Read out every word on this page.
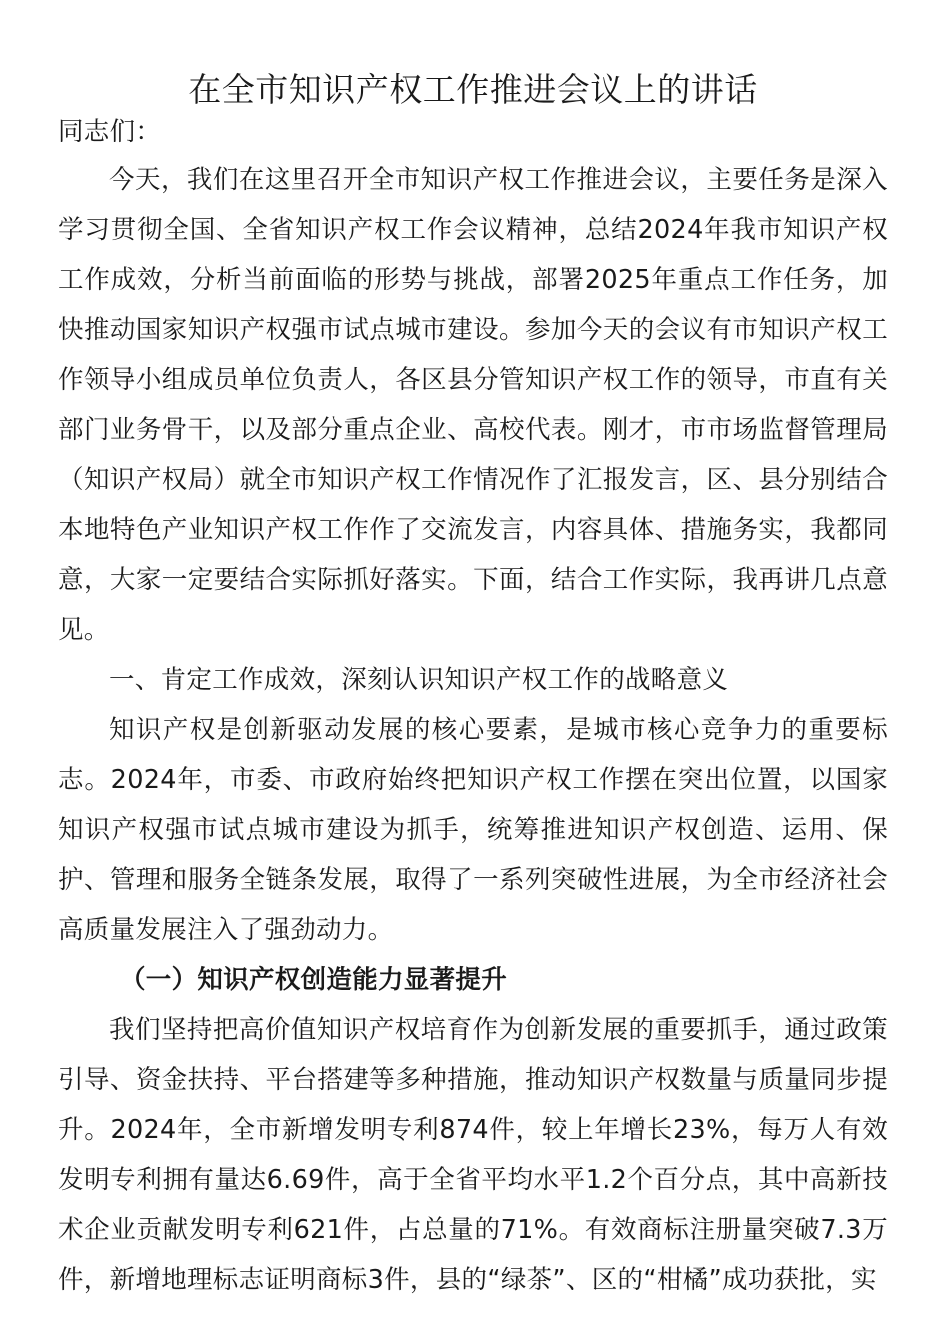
在全市知识产权工作推进会议上的讲话

同志们：

今天，我们在这里召开全市知识产权工作推进会议，主要任务是深入学习贯彻全国、全省知识产权工作会议精神，总结2024年我市知识产权工作成效，分析当前面临的形势与挑战，部署2025年重点工作任务，加快推动国家知识产权强市试点城市建设。参加今天的会议有市知识产权工作领导小组成员单位负责人，各区县分管知识产权工作的领导，市直有关部门业务骨干，以及部分重点企业、高校代表。刚才，市市场监督管理局（知识产权局）就全市知识产权工作情况作了汇报发言，区、县分别结合本地特色产业知识产权工作作了交流发言，内容具体、措施务实，我都同意，大家一定要结合实际抓好落实。下面，结合工作实际，我再讲几点意见。

一、肯定工作成效，深刻认识知识产权工作的战略意义

知识产权是创新驱动发展的核心要素，是城市核心竞争力的重要标志。2024年，市委、市政府始终把知识产权工作摆在突出位置，以国家知识产权强市试点城市建设为抓手，统筹推进知识产权创造、运用、保护、管理和服务全链条发展，取得了一系列突破性进展，为全市经济社会高质量发展注入了强劲动力。

（一）知识产权创造能力显著提升

我们坚持把高价值知识产权培育作为创新发展的重要抓手，通过政策引导、资金扶持、平台搭建等多种措施，推动知识产权数量与质量同步提升。2024年，全市新增发明专利874件，较上年增长23%，每万人有效发明专利拥有量达6.69件，高于全省平均水平1.2个百分点，其中高新技术企业贡献发明专利621件，占总量的71%。有效商标注册量突破7.3万件，新增地理标志证明商标3件，县的“绿茶”、区的“柑橘”成功获批，实
